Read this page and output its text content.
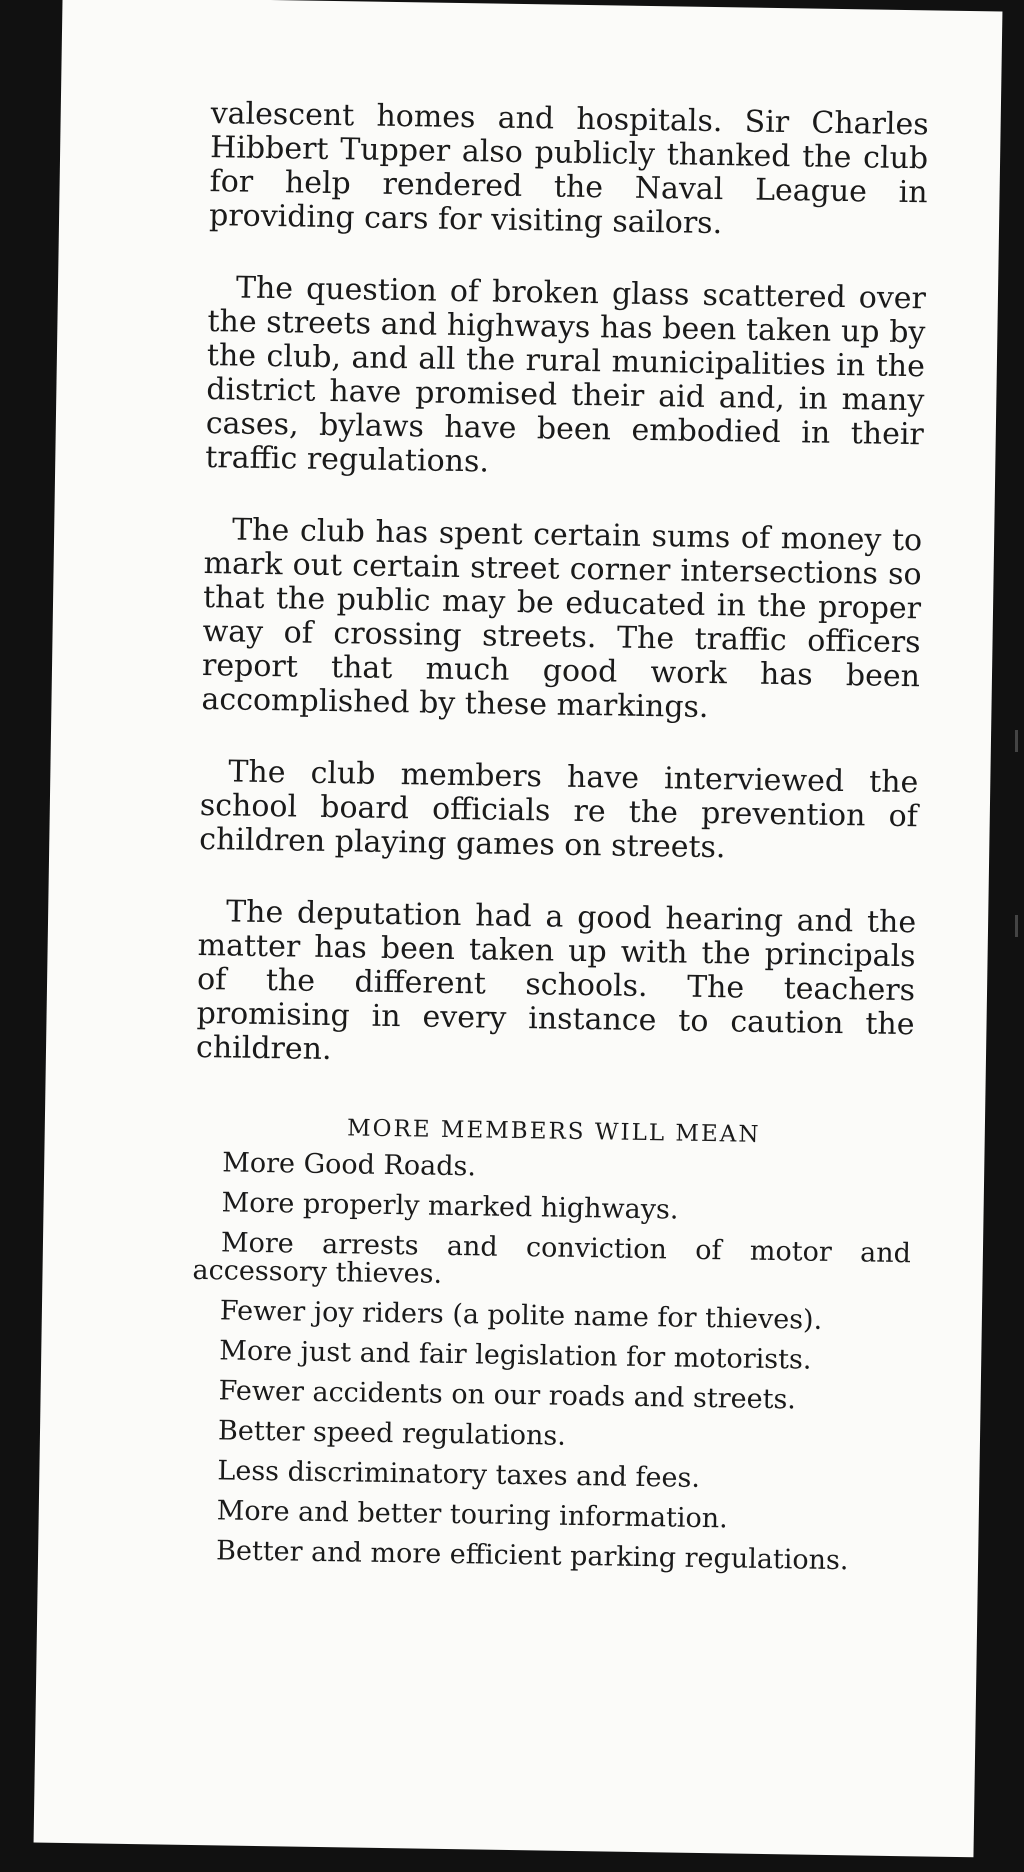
valescent homes and hospitals. Sir Charles Hibbert Tupper also publicly thanked the club for help rendered the Naval League in providing cars for visiting sailors.

The question of broken glass scattered over the streets and highways has been taken up by the club, and all the rural municipalities in the district have promised their aid and, in many cases, bylaws have been embodied in their traffic regulations.

The club has spent certain sums of money to mark out certain street corner intersections so that the public may be educated in the proper way of crossing streets. The traffic officers report that much good work has been accomplished by these markings.

The club members have interviewed the school board officials re the prevention of children playing games on streets.

The deputation had a good hearing and the matter has been taken up with the principals of the different schools. The teachers promising in every instance to caution the children.

MORE MEMBERS WILL MEAN
More Good Roads.
More properly marked highways.
More arrests and conviction of motor and accessory thieves.
Fewer joy riders (a polite name for thieves).
More just and fair legislation for motorists.
Fewer accidents on our roads and streets.
Better speed regulations.
Less discriminatory taxes and fees.
More and better touring information.
Better and more efficient parking regulations.
